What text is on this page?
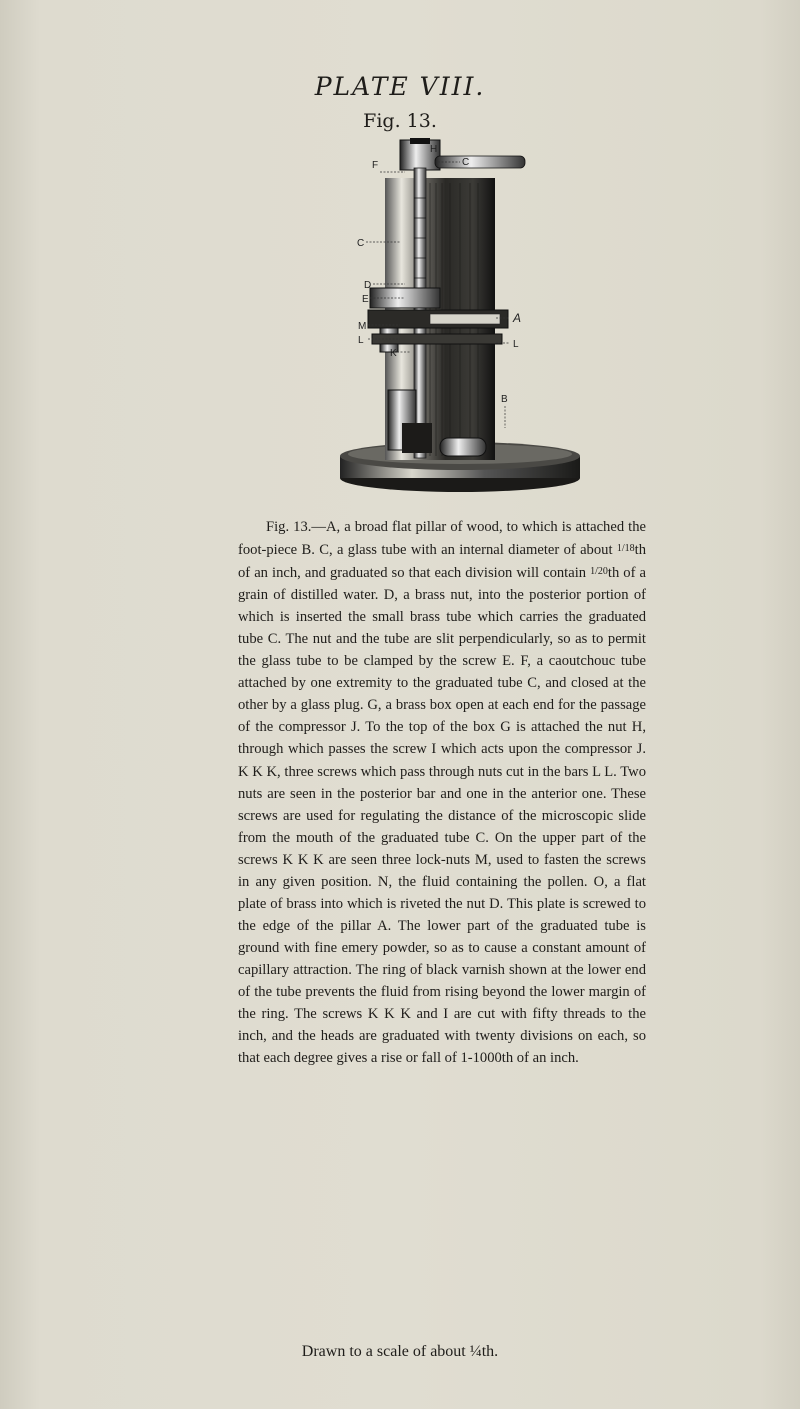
PLATE VIII.
Fig. 13.
F
H
C
C
D
E
M
L
K
A
L
B

Fig. 13.—A, a broad flat pillar of wood, to which is attached the foot-piece B. C, a glass tube with an internal diameter of about $^{1/18}$th of an inch, and graduated so that each division will contain $^{1/20}$th of a grain of distilled water. D, a brass nut, into the posterior portion of which is inserted the small brass tube which carries the graduated tube C. The nut and the tube are slit perpendicularly, so as to permit the glass tube to be clamped by the screw E. F, a caoutchouc tube attached by one extremity to the graduated tube C, and closed at the other by a glass plug. G, a brass box open at each end for the passage of the compressor J. To the top of the box G is attached the nut H, through which passes the screw I which acts upon the compressor J. K K K, three screws which pass through nuts cut in the bars L L. Two nuts are seen in the posterior bar and one in the anterior one. These screws are used for regulating the distance of the microscopic slide from the mouth of the graduated tube C. On the upper part of the screws K K K are seen three lock-nuts M, used to fasten the screws in any given position. N, the fluid containing the pollen. O, a flat plate of brass into which is riveted the nut D. This plate is screwed to the edge of the pillar A. The lower part of the graduated tube is ground with fine emery powder, so as to cause a constant amount of capillary attraction. The ring of black varnish shown at the lower end of the tube prevents the fluid from rising beyond the lower margin of the ring. The screws K K K and I are cut with fifty threads to the inch, and the heads are graduated with twenty divisions on each, so that each degree gives a rise or fall of 1-1000th of an inch.

Drawn to a scale of about ¼th.
